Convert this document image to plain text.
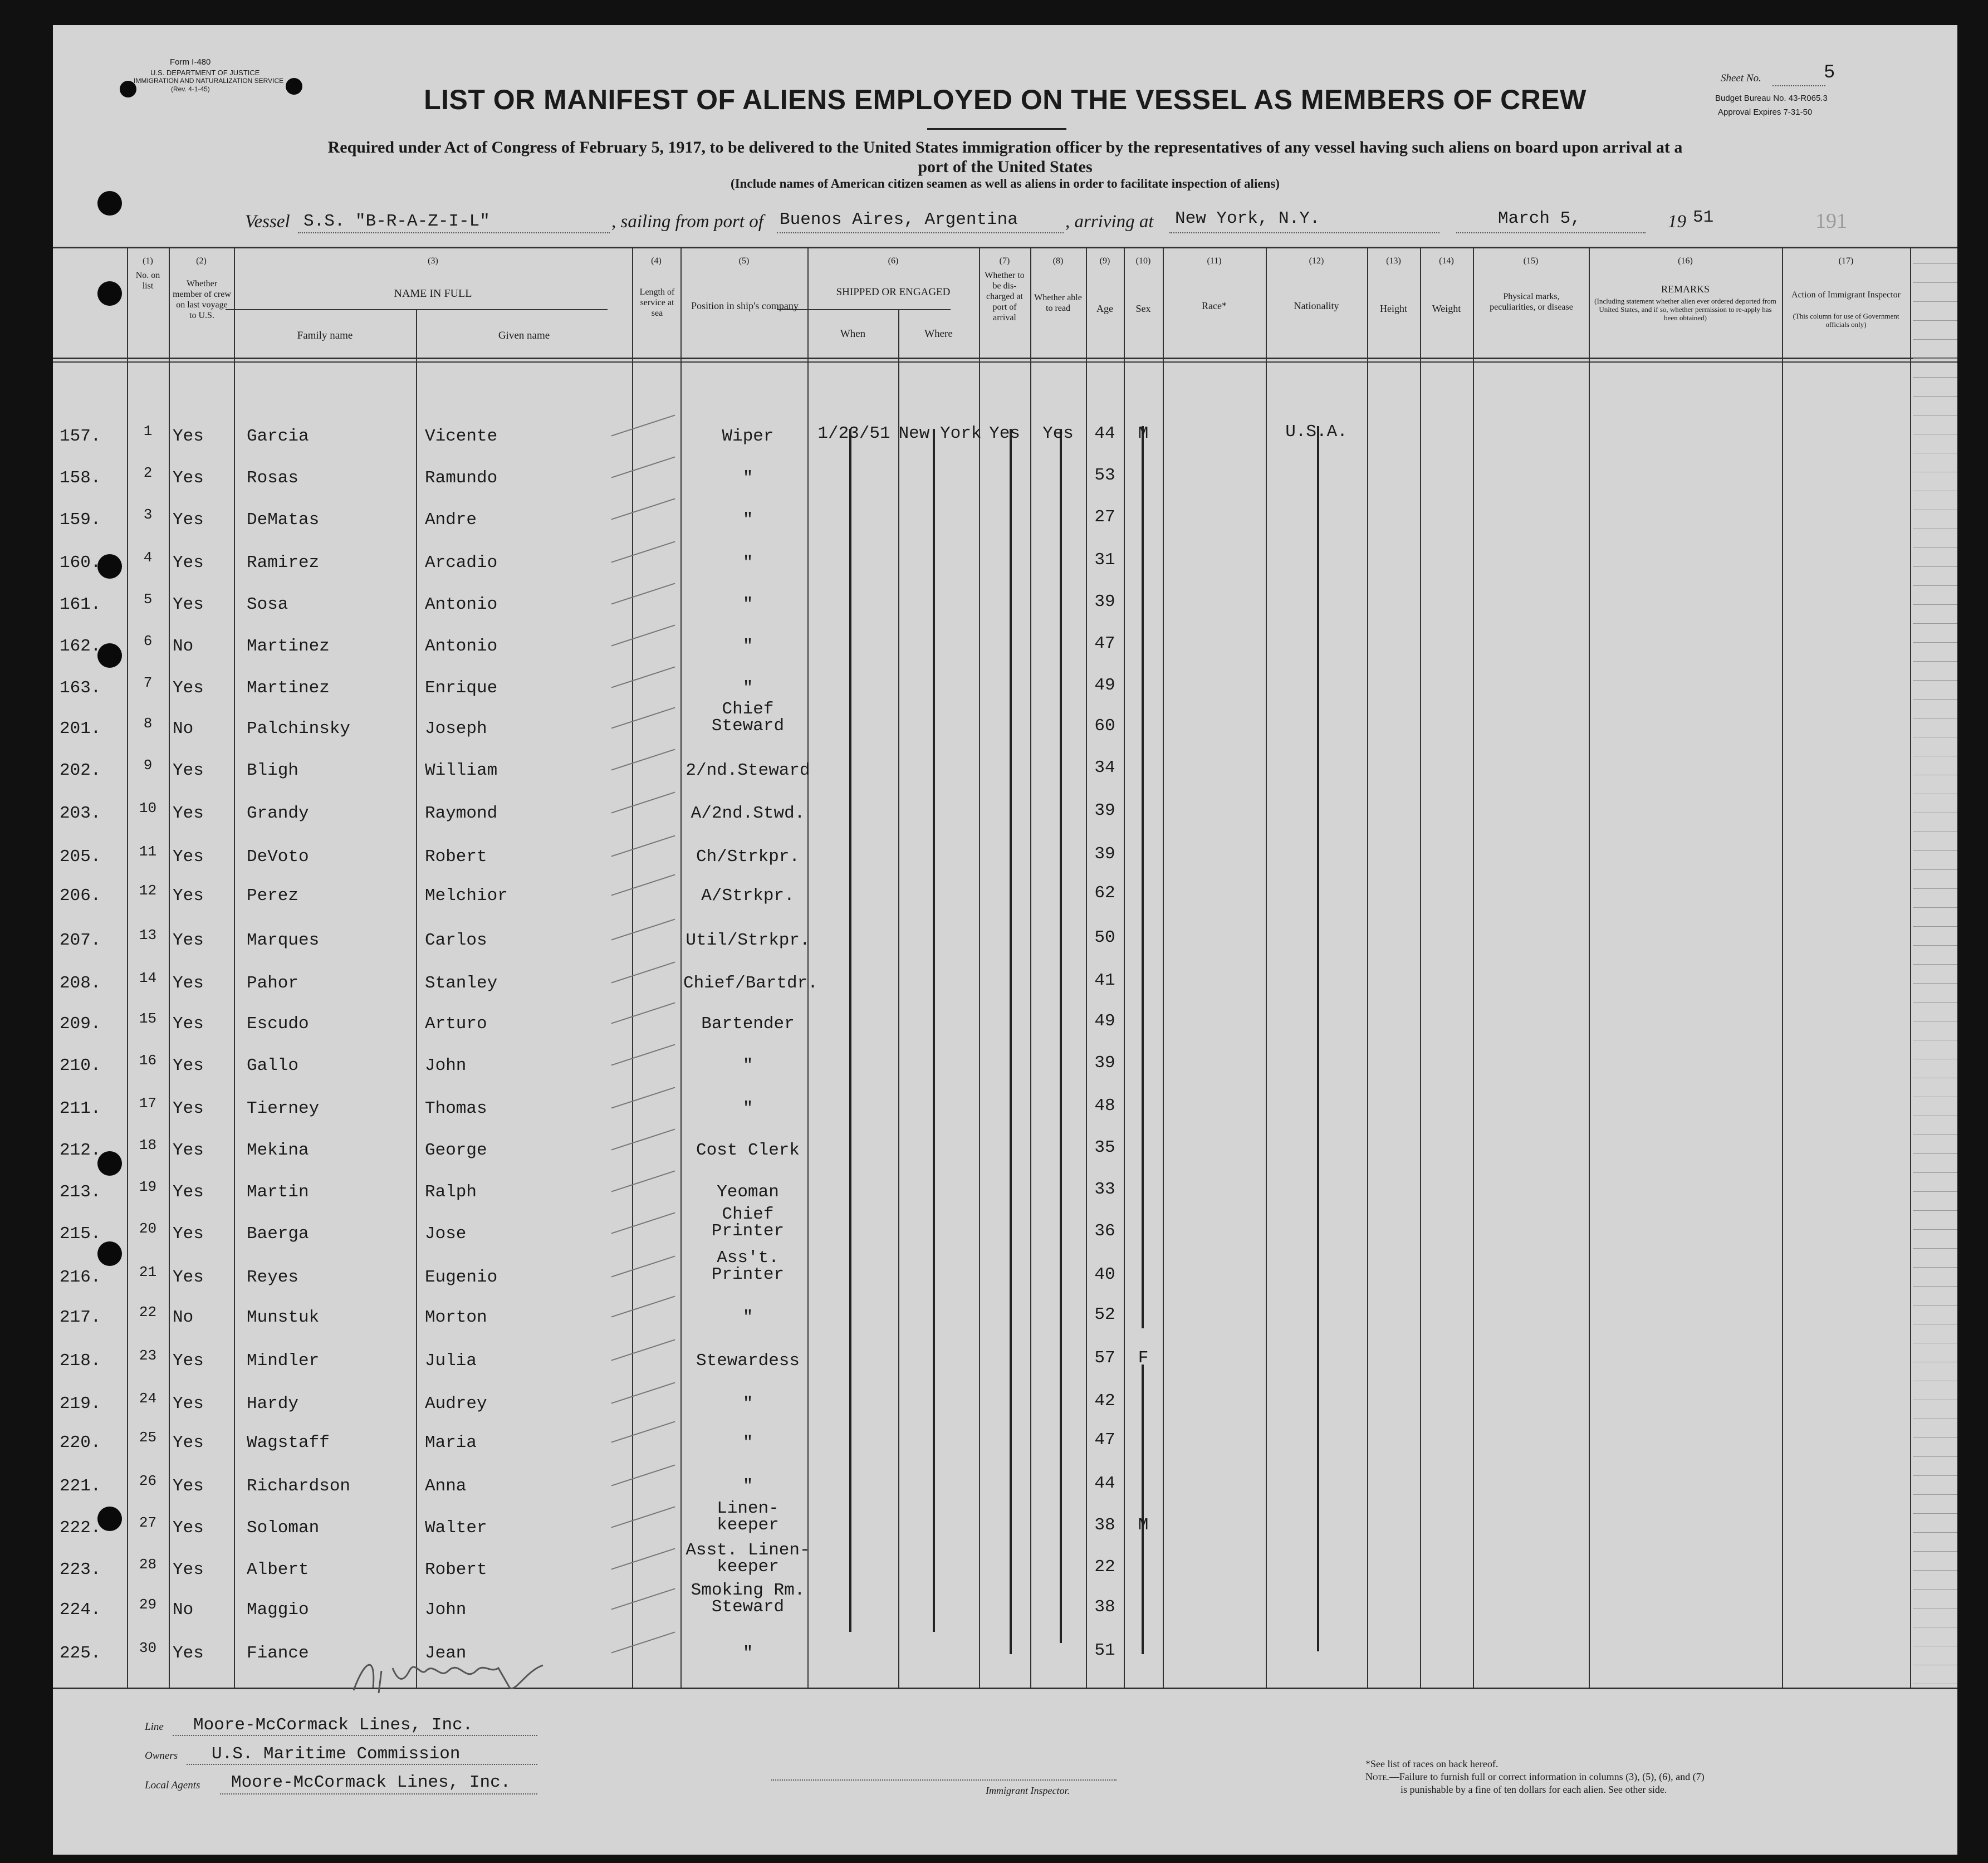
Form I-480
U.S. DEPARTMENT OF JUSTICE
IMMIGRATION AND NATURALIZATION SERVICE
(Rev. 4-1-45)
Sheet No.	5
Budget Bureau No. 43-R065.3
Approval Expires 7-31-50
LIST OR MANIFEST OF ALIENS EMPLOYED ON THE VESSEL AS MEMBERS OF CREW
Required under Act of Congress of February 5, 1917, to be delivered to the United States immigration officer by the representatives of any vessel having such aliens on board upon arrival at a
port of the United States
(Include names of American citizen seamen as well as aliens in order to facilitate inspection of aliens)
Vessel S.S. "B-R-A-Z-I-L"	, sailing from port of Buenos Aires, Argentina	, arriving at New York, N.Y.	March 5,	19 51	191
(1)
No. on list
(2)
Whether member of crew on last voyage to U.S.
(3)
NAME IN FULL
Family name	Given name
(4)
Length of service at sea
(5)
Position in ship's company
(6)
SHIPPED OR ENGAGED
When	Where
(7)
Whether to be dis-charged at port of arrival
(8)
Whether able to read
(9)
Age
(10)
Sex
(11)
Race*
(12)
Nationality
(13)
Height
(14)
Weight
(15)
Physical marks, peculiarities, or disease
(16)
REMARKS
(Including statement whether alien ever ordered deported from United States, and if so, whether permission to re-apply has been obtained)
(17)
Action of Immigrant Inspector
(This column for use of Government officials only)
Line Moore-McCormack Lines, Inc.
Owners U.S. Maritime Commission
Local Agents Moore-McCormack Lines, Inc.	Immigrant Inspector.
*See list of races on back hereof.
Note.—Failure to furnish full or correct information in columns (3), (5), (6), and (7)
is punishable by a fine of ten dollars for each alien. See other side.
157.	1	Yes	Garcia	Vicente	Wiper	1/23/51 New York Yes	Yes	44	M	U.S.A.
158.	2	Yes	Rosas	Ramundo	"	53
159.	3	Yes	DeMatas	Andre	"	27
160.	4	Yes	Ramirez	Arcadio	"	31
161.	5	Yes	Sosa	Antonio	"	39
162.	6	No	Martinez	Antonio	"	47
163.	7	Yes	Martinez	Enrique	"	49
201.	8	No	Palchinsky	Joseph
Chief
Steward	60
202.	9	Yes	Bligh	William	2/nd.Steward	34
203.	10 Yes	Grandy	Raymond	A/2nd.Stwd.	39
205.	11 Yes	DeVoto	Robert	Ch/Strkpr.	39
206.	12 Yes	Perez	Melchior	A/Strkpr.	62
207.	13 Yes	Marques	Carlos	Util/Strkpr.	50
208.	14 Yes	Pahor	Stanley	Chief/Bartdr.	41
209.	15 Yes	Escudo	Arturo	Bartender	49
210.	16 Yes	Gallo	John	"	39
211.	17 Yes	Tierney	Thomas	"	48
212.	18 Yes	Mekina	George	Cost Clerk	35
213.	19 Yes	Martin	Ralph	Yeoman	33
215.	20 Yes	Baerga	Jose
Chief
Printer	36
216.	21 Yes	Reyes	Eugenio
Ass't.
Printer	40
217.	22 No	Munstuk	Morton	"	52
218.	23 Yes	Mindler	Julia	Stewardess	57	F
219.	24 Yes	Hardy	Audrey	"	42
220.	25 Yes	Wagstaff	Maria	"	47
221.	26 Yes	Richardson	Anna	"	44
222.	27 Yes	Soloman	Walter
Linen-
keeper	38	M
223.	28 Yes	Albert	Robert
Asst. Linen-
keeper	22
224.	29 No	Maggio	John
Smoking Rm.
Steward	38
225.	30 Yes	Fiance	Jean	"	51
